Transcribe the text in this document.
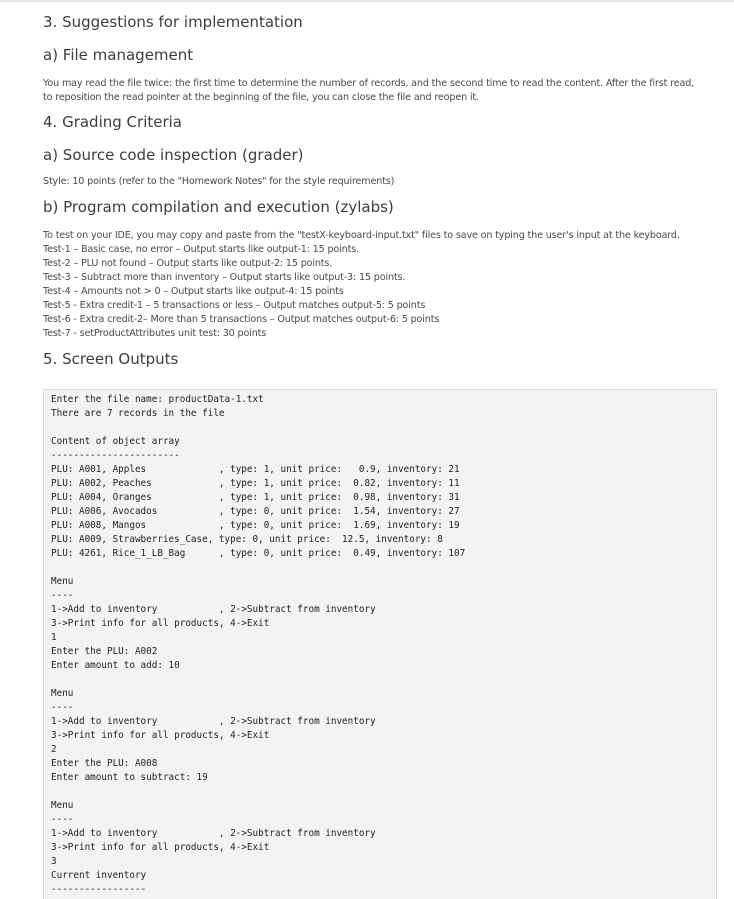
3. Suggestions for implementation
a) File management
You may read the file twice: the first time to determine the number of records, and the second time to read the content. After the first read,
to reposition the read pointer at the beginning of the file, you can close the file and reopen it.
4. Grading Criteria
a) Source code inspection (grader)
Style: 10 points (refer to the "Homework Notes" for the style requirements)
b) Program compilation and execution (zylabs)
To test on your IDE, you may copy and paste from the "testX-keyboard-input.txt" files to save on typing the user's input at the keyboard.
Test-1 – Basic case, no error – Output starts like output-1: 15 points.
Test-2 – PLU not found – Output starts like output-2: 15 points.
Test-3 – Subtract more than inventory – Output starts like output-3: 15 points.
Test-4 – Amounts not > 0 – Output starts like output-4: 15 points
Test-5 - Extra credit-1 – 5 transactions or less – Output matches output-5: 5 points
Test-6 - Extra credit-2– More than 5 transactions – Output matches output-6: 5 points
Test-7 - setProductAttributes unit test: 30 points
5. Screen Outputs
Enter the file name: productData-1.txt
There are 7 records in the file

Content of object array
-----------------------
PLU: A001, Apples             , type: 1, unit price:   0.9, inventory: 21
PLU: A002, Peaches            , type: 1, unit price:  0.82, inventory: 11
PLU: A004, Oranges            , type: 1, unit price:  0.98, inventory: 31
PLU: A006, Avocados           , type: 0, unit price:  1.54, inventory: 27
PLU: A008, Mangos             , type: 0, unit price:  1.69, inventory: 19
PLU: A009, Strawberries_Case, type: 0, unit price:  12.5, inventory: 8
PLU: 4261, Rice_1_LB_Bag      , type: 0, unit price:  0.49, inventory: 107

Menu
----
1->Add to inventory           , 2->Subtract from inventory
3->Print info for all products, 4->Exit
1
Enter the PLU: A002
Enter amount to add: 10

Menu
----
1->Add to inventory           , 2->Subtract from inventory
3->Print info for all products, 4->Exit
2
Enter the PLU: A008
Enter amount to subtract: 19

Menu
----
1->Add to inventory           , 2->Subtract from inventory
3->Print info for all products, 4->Exit
3
Current inventory
-----------------
